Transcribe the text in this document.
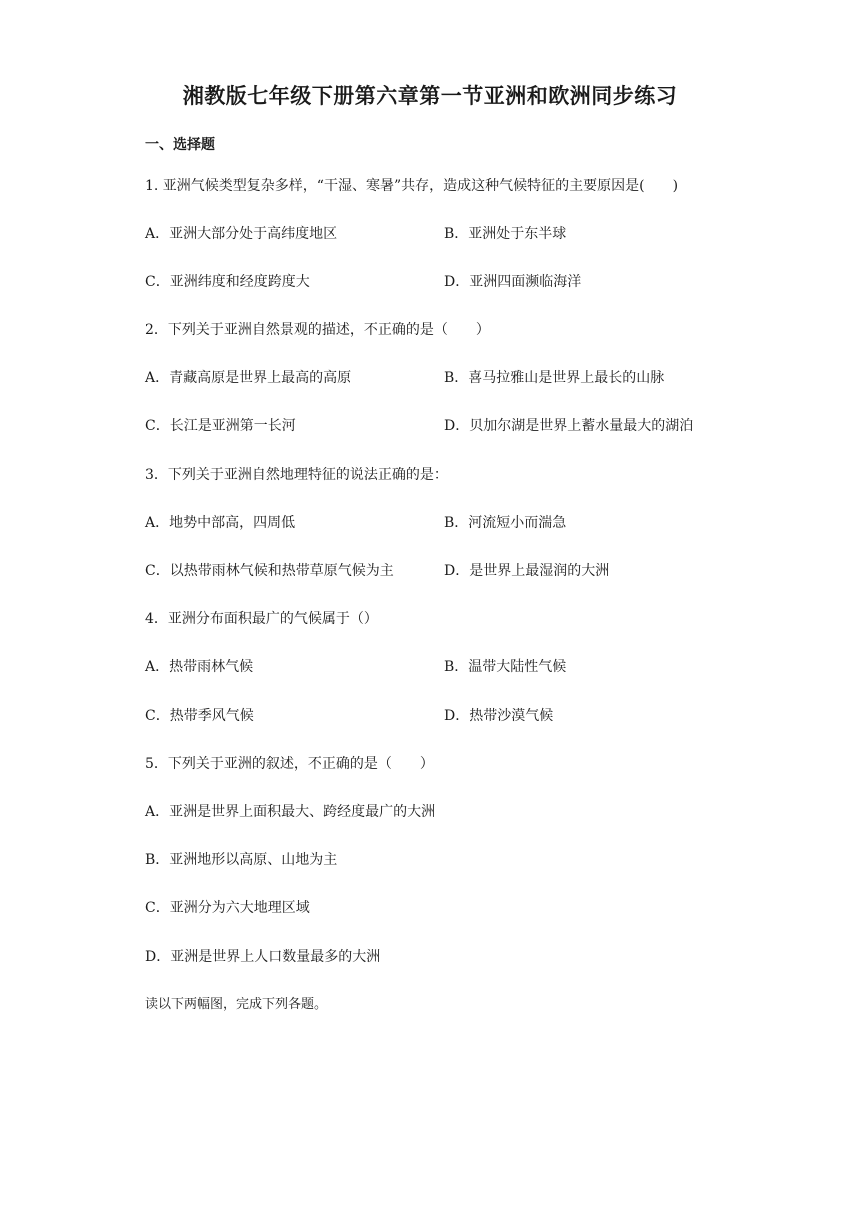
湘教版七年级下册第六章第一节亚洲和欧洲同步练习
一、选择题
1. 亚洲气候类型复杂多样，“干湿、寒暑”共存，造成这种气候特征的主要原因是(　　)
A．亚洲大部分处于高纬度地区	B．亚洲处于东半球
C．亚洲纬度和经度跨度大	D．亚洲四面濒临海洋
2．下列关于亚洲自然景观的描述，不正确的是（　　）
A．青藏高原是世界上最高的高原	B．喜马拉雅山是世界上最长的山脉
C．长江是亚洲第一长河	D．贝加尔湖是世界上蓄水量最大的湖泊
3．下列关于亚洲自然地理特征的说法正确的是：
A．地势中部高，四周低	B．河流短小而湍急
C．以热带雨林气候和热带草原气候为主	D．是世界上最湿润的大洲
4．亚洲分布面积最广的气候属于（）
A．热带雨林气候	B．温带大陆性气候
C．热带季风气候	D．热带沙漠气候
5．下列关于亚洲的叙述，不正确的是（　　）
A．亚洲是世界上面积最大、跨经度最广的大洲
B．亚洲地形以高原、山地为主
C．亚洲分为六大地理区域
D．亚洲是世界上人口数量最多的大洲
读以下两幅图，完成下列各题。
